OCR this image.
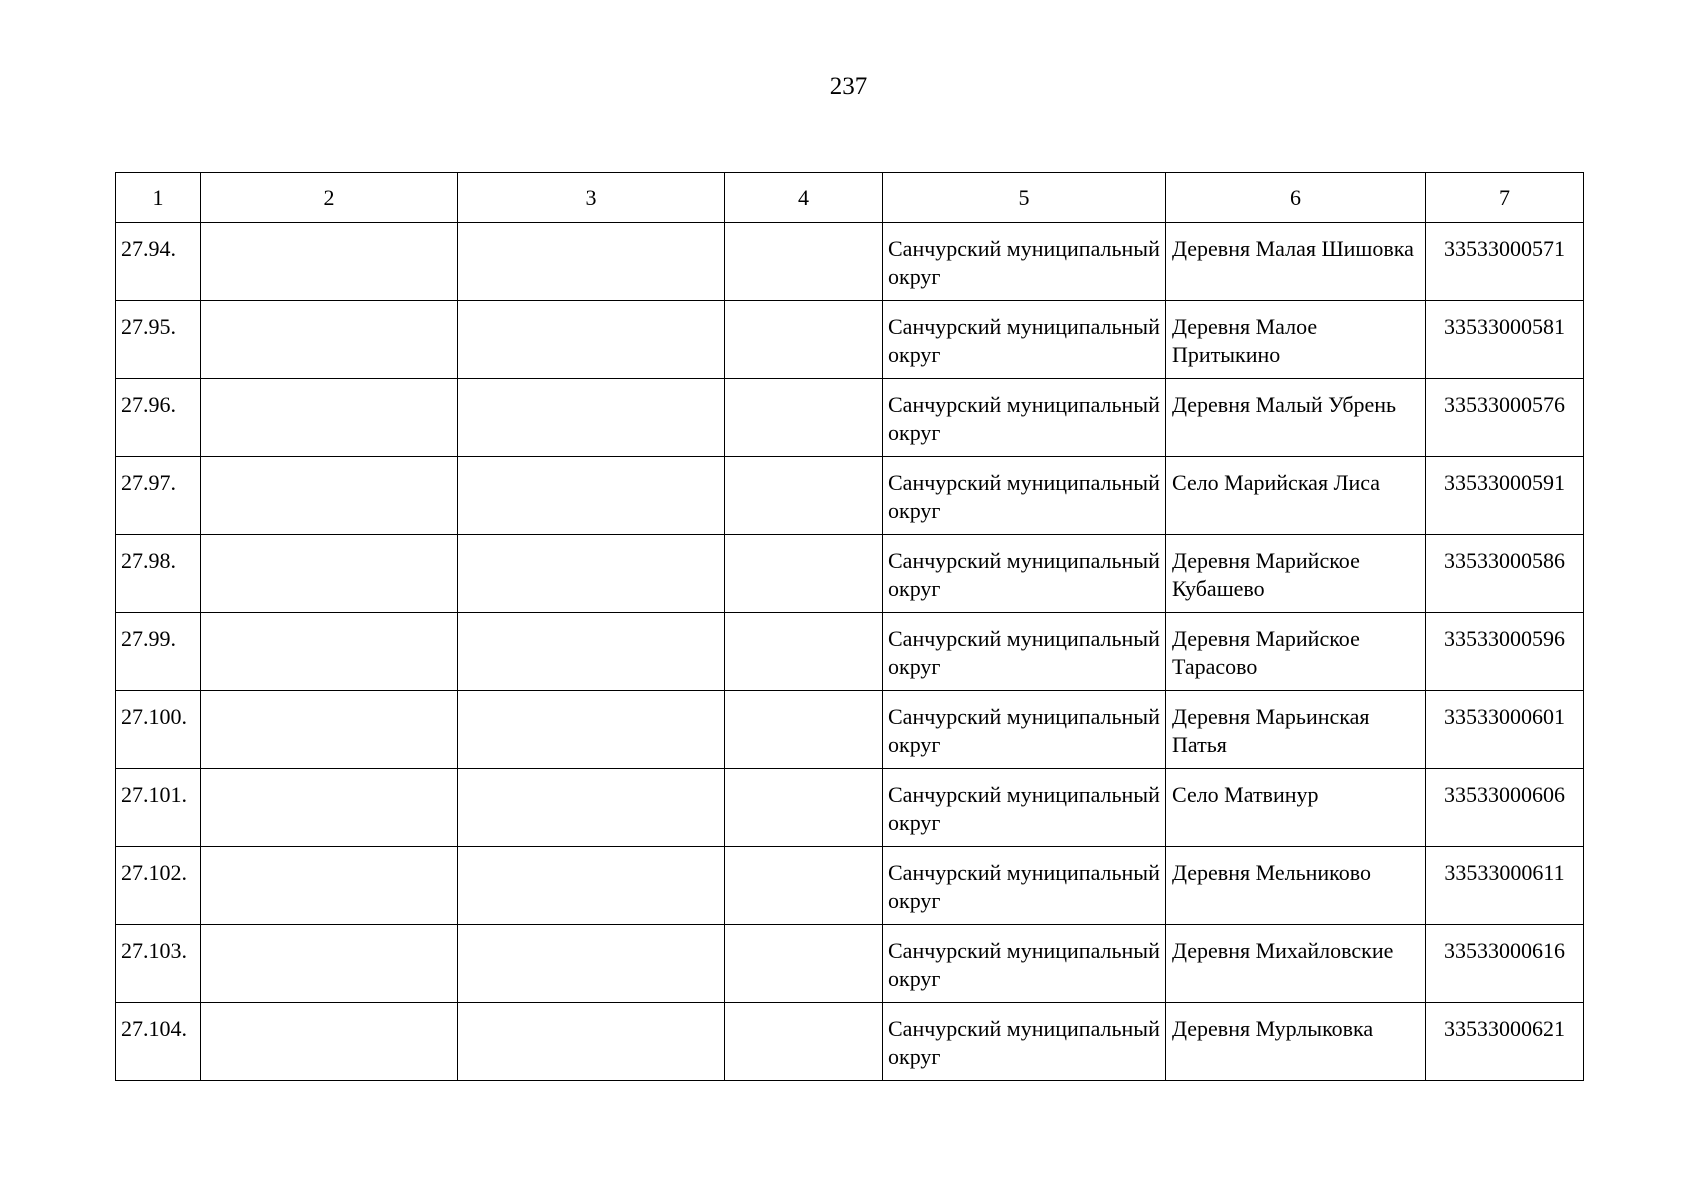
237
1	2	3	4	5	6	7
27.94.				Санчурский муниципальный округ	Деревня Малая Шишовка	33533000571
27.95.				Санчурский муниципальный округ	Деревня Малое Притыкино	33533000581
27.96.				Санчурский муниципальный округ	Деревня Малый Убрень	33533000576
27.97.				Санчурский муниципальный округ	Село Марийская Лиса	33533000591
27.98.				Санчурский муниципальный округ	Деревня Марийское Кубашево	33533000586
27.99.				Санчурский муниципальный округ	Деревня Марийское Тарасово	33533000596
27.100.				Санчурский муниципальный округ	Деревня Марьинская Патья	33533000601
27.101.				Санчурский муниципальный округ	Село Матвинур	33533000606
27.102.				Санчурский муниципальный округ	Деревня Мельниково	33533000611
27.103.				Санчурский муниципальный округ	Деревня Михайловские	33533000616
27.104.				Санчурский муниципальный округ	Деревня Мурлыковка	33533000621
